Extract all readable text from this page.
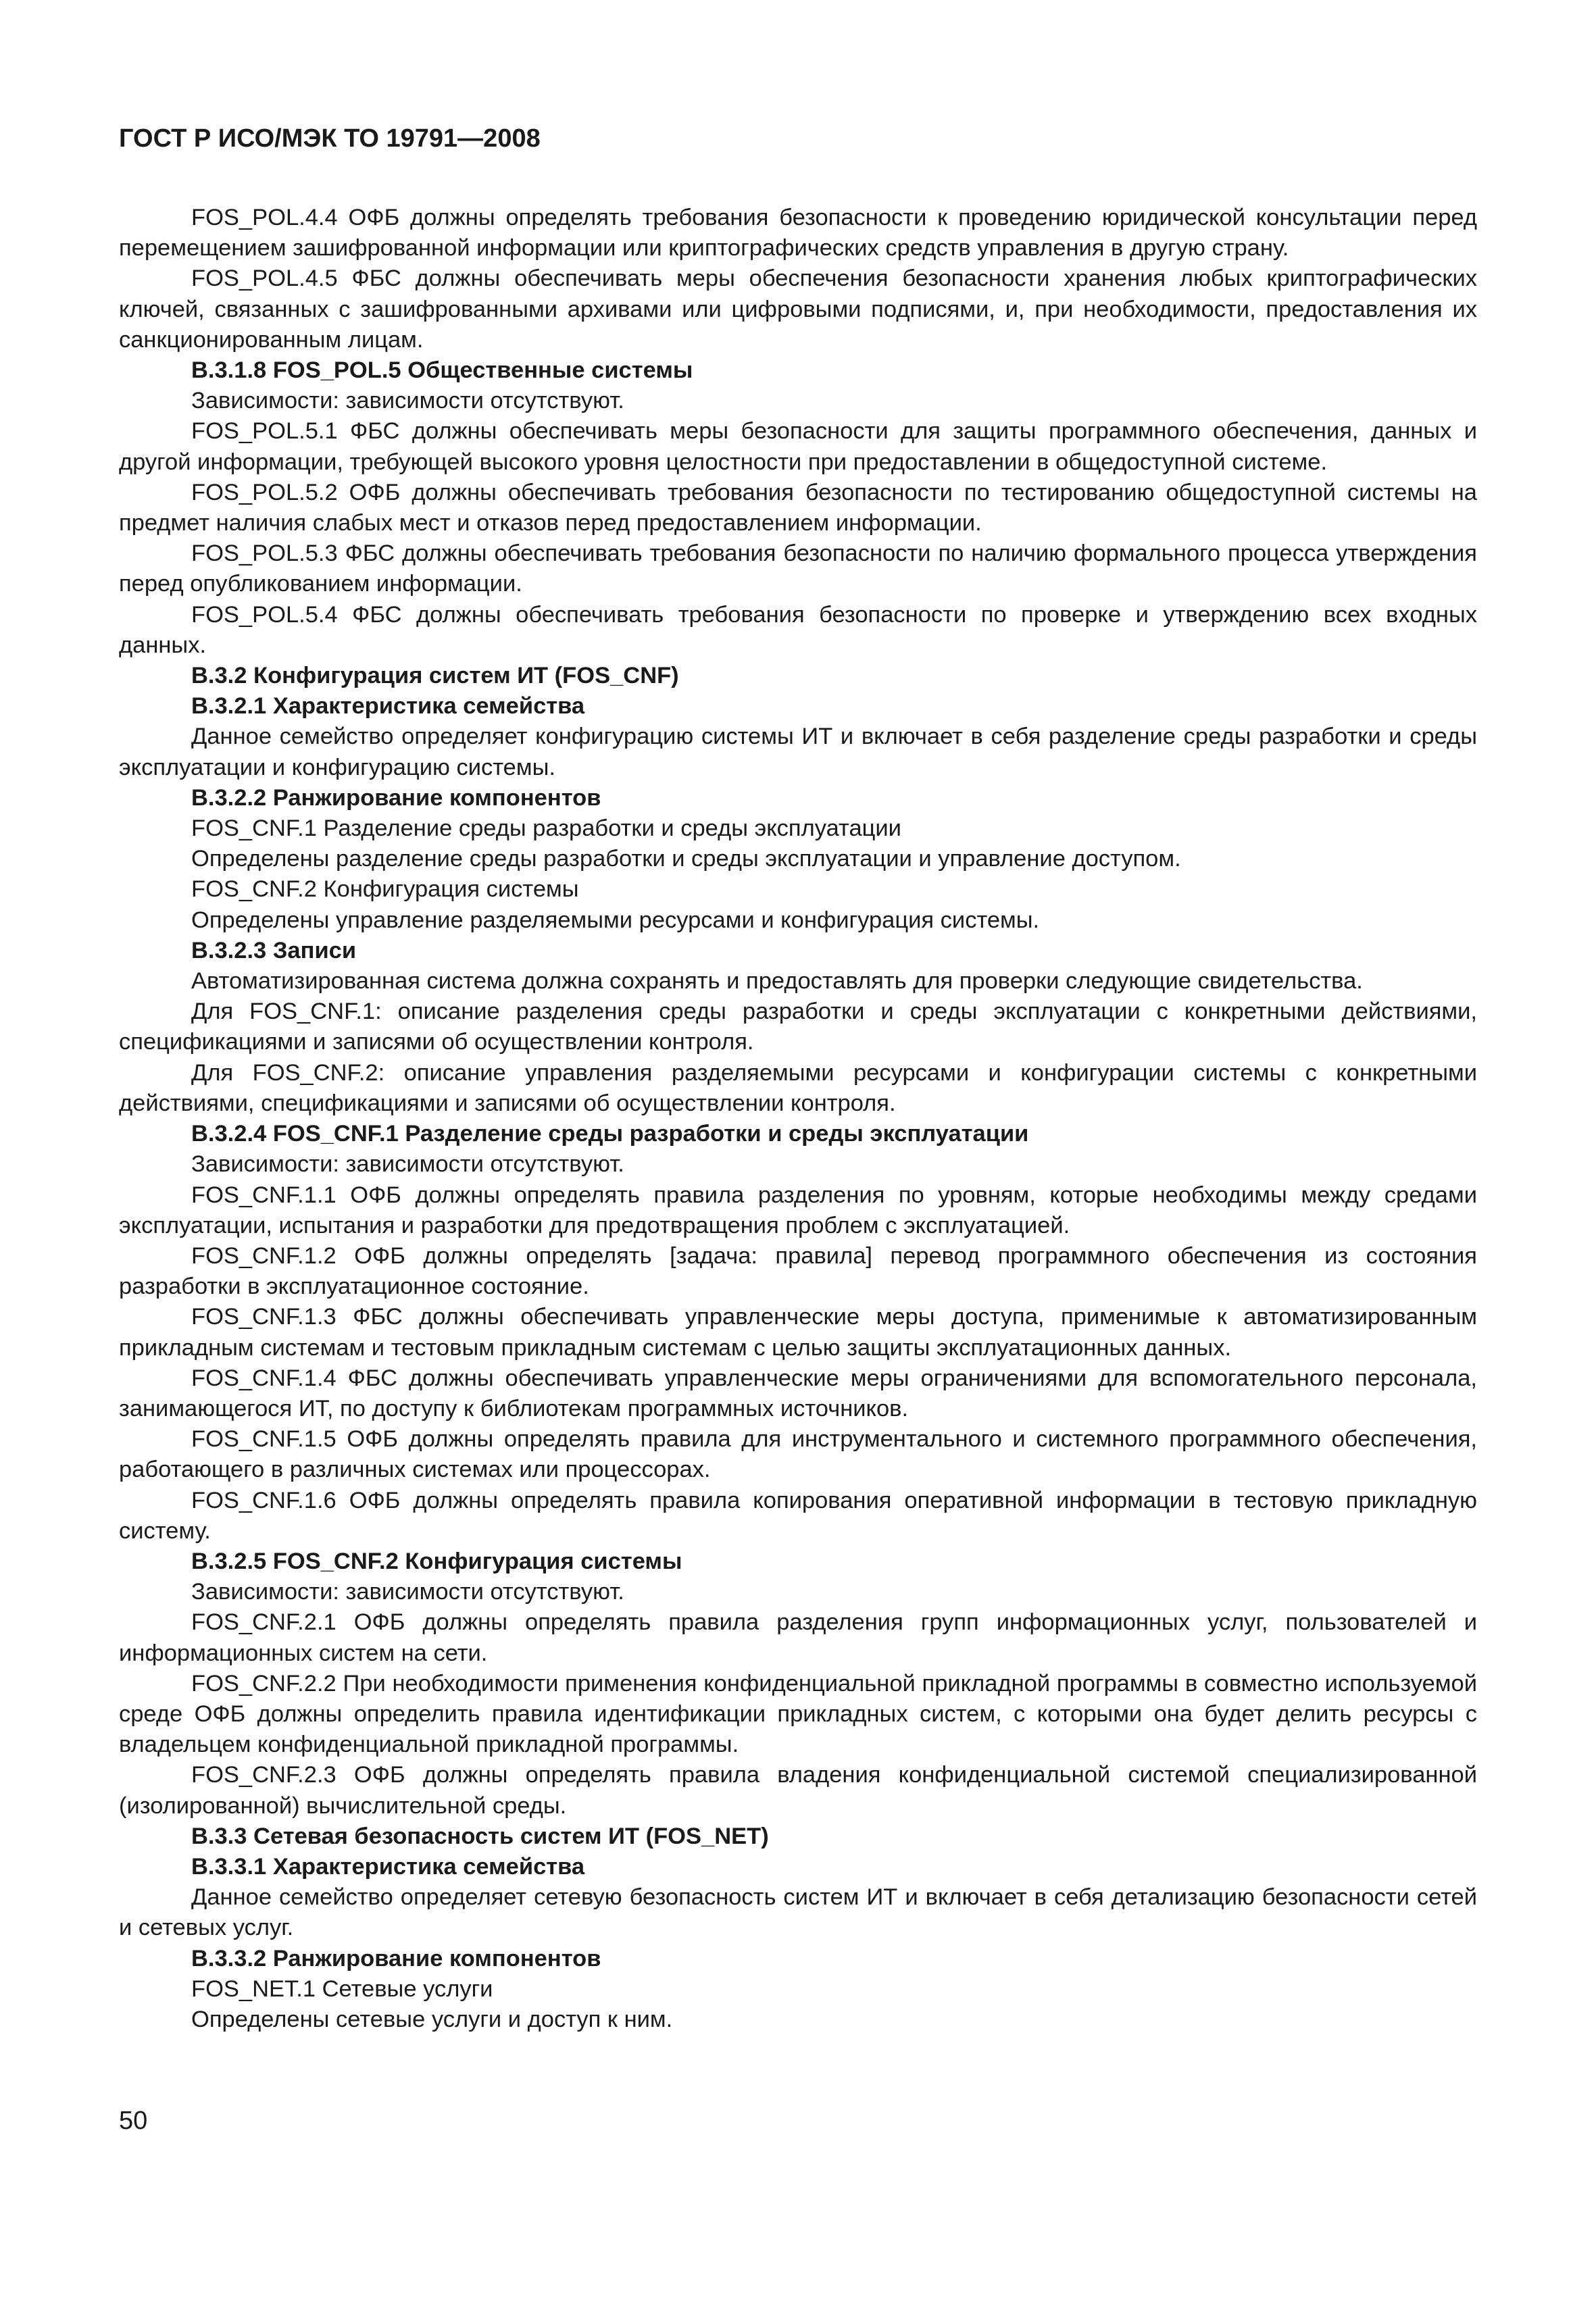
ГОСТ Р ИСО/МЭК ТО 19791—2008

FOS_POL.4.4 ОФБ должны определять требования безопасности к проведению юридической консультации перед перемещением зашифрованной информации или криптографических средств управления в другую страну.

FOS_POL.4.5 ФБС должны обеспечивать меры обеспечения безопасности хранения любых криптографических ключей, связанных с зашифрованными архивами или цифровыми подписями, и, при необходимости, предоставления их санкционированным лицам.

В.3.1.8 FOS_POL.5 Общественные системы

Зависимости: зависимости отсутствуют.

FOS_POL.5.1 ФБС должны обеспечивать меры безопасности для защиты программного обеспечения, данных и другой информации, требующей высокого уровня целостности при предоставлении в общедоступной системе.

FOS_POL.5.2 ОФБ должны обеспечивать требования безопасности по тестированию общедоступной системы на предмет наличия слабых мест и отказов перед предоставлением информации.

FOS_POL.5.3 ФБС должны обеспечивать требования безопасности по наличию формального процесса утверждения перед опубликованием информации.

FOS_POL.5.4 ФБС должны обеспечивать требования безопасности по проверке и утверждению всех входных данных.

В.3.2 Конфигурация систем ИТ (FOS_CNF)

В.3.2.1 Характеристика семейства

Данное семейство определяет конфигурацию системы ИТ и включает в себя разделение среды разработки и среды эксплуатации и конфигурацию системы.

В.3.2.2 Ранжирование компонентов

FOS_CNF.1 Разделение среды разработки и среды эксплуатации

Определены разделение среды разработки и среды эксплуатации и управление доступом.

FOS_CNF.2 Конфигурация системы

Определены управление разделяемыми ресурсами и конфигурация системы.

В.3.2.3 Записи

Автоматизированная система должна сохранять и предоставлять для проверки следующие свидетельства.

Для FOS_CNF.1: описание разделения среды разработки и среды эксплуатации с конкретными действиями, спецификациями и записями об осуществлении контроля.

Для FOS_CNF.2: описание управления разделяемыми ресурсами и конфигурации системы с конкретными действиями, спецификациями и записями об осуществлении контроля.

В.3.2.4 FOS_CNF.1 Разделение среды разработки и среды эксплуатации

Зависимости: зависимости отсутствуют.

FOS_CNF.1.1 ОФБ должны определять правила разделения по уровням, которые необходимы между средами эксплуатации, испытания и разработки для предотвращения проблем с эксплуатацией.

FOS_CNF.1.2 ОФБ должны определять [задача: правила] перевод программного обеспечения из состояния разработки в эксплуатационное состояние.

FOS_CNF.1.3 ФБС должны обеспечивать управленческие меры доступа, применимые к автоматизированным прикладным системам и тестовым прикладным системам с целью защиты эксплуатационных данных.

FOS_CNF.1.4 ФБС должны обеспечивать управленческие меры ограничениями для вспомогательного персонала, занимающегося ИТ, по доступу к библиотекам программных источников.

FOS_CNF.1.5 ОФБ должны определять правила для инструментального и системного программного обеспечения, работающего в различных системах или процессорах.

FOS_CNF.1.6 ОФБ должны определять правила копирования оперативной информации в тестовую прикладную систему.

В.3.2.5 FOS_CNF.2 Конфигурация системы

Зависимости: зависимости отсутствуют.

FOS_CNF.2.1 ОФБ должны определять правила разделения групп информационных услуг, пользователей и информационных систем на сети.

FOS_CNF.2.2 При необходимости применения конфиденциальной прикладной программы в совместно используемой среде ОФБ должны определить правила идентификации прикладных систем, с которыми она будет делить ресурсы с владельцем конфиденциальной прикладной программы.

FOS_CNF.2.3 ОФБ должны определять правила владения конфиденциальной системой специализированной (изолированной) вычислительной среды.

В.3.3 Сетевая безопасность систем ИТ (FOS_NET)

В.3.3.1 Характеристика семейства

Данное семейство определяет сетевую безопасность систем ИТ и включает в себя детализацию безопасности сетей и сетевых услуг.

В.3.3.2 Ранжирование компонентов

FOS_NET.1 Сетевые услуги

Определены сетевые услуги и доступ к ним.

50
